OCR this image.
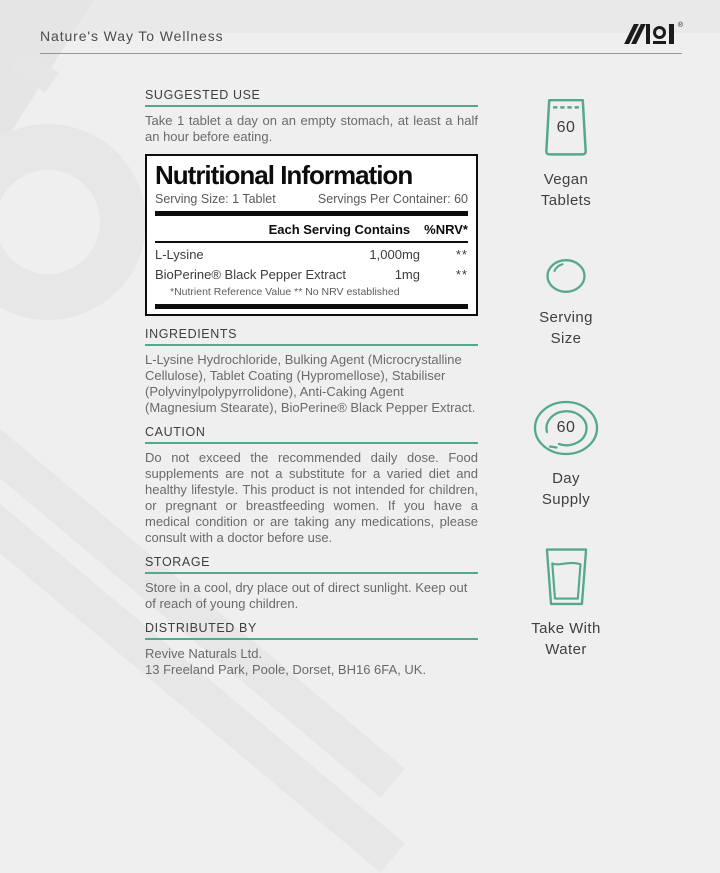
Nature's Way To Wellness
®
SUGGESTED USE
Take 1 tablet a day on an empty stomach, at least a half an hour before eating.
Nutritional Information
Serving Size: 1 Tablet	Servings Per Container: 60
Each Serving Contains %NRV*
L-Lysine	1,000mg	**
BioPerine® Black Pepper Extract	1mg	**
*Nutrient Reference Value ** No NRV established
INGREDIENTS
L-Lysine Hydrochloride, Bulking Agent (Microcrystalline Cellulose), Tablet Coating (Hypromellose), Stabiliser (Polyvinylpolypyrrolidone), Anti-Caking Agent (Magnesium Stearate), BioPerine® Black Pepper Extract.
CAUTION
Do not exceed the recommended daily dose. Food supplements are not a substitute for a varied diet and healthy lifestyle. This product is not intended for children, or pregnant or breastfeeding women. If you have a medical condition or are taking any medications, please consult with a doctor before use.
STORAGE
Store in a cool, dry place out of direct sunlight. Keep out of reach of young children.
DISTRIBUTED BY
Revive Naturals Ltd.
13 Freeland Park, Poole, Dorset, BH16 6FA, UK.
60
Vegan
Tablets
Serving
Size
60
Day
Supply
Take With
Water
